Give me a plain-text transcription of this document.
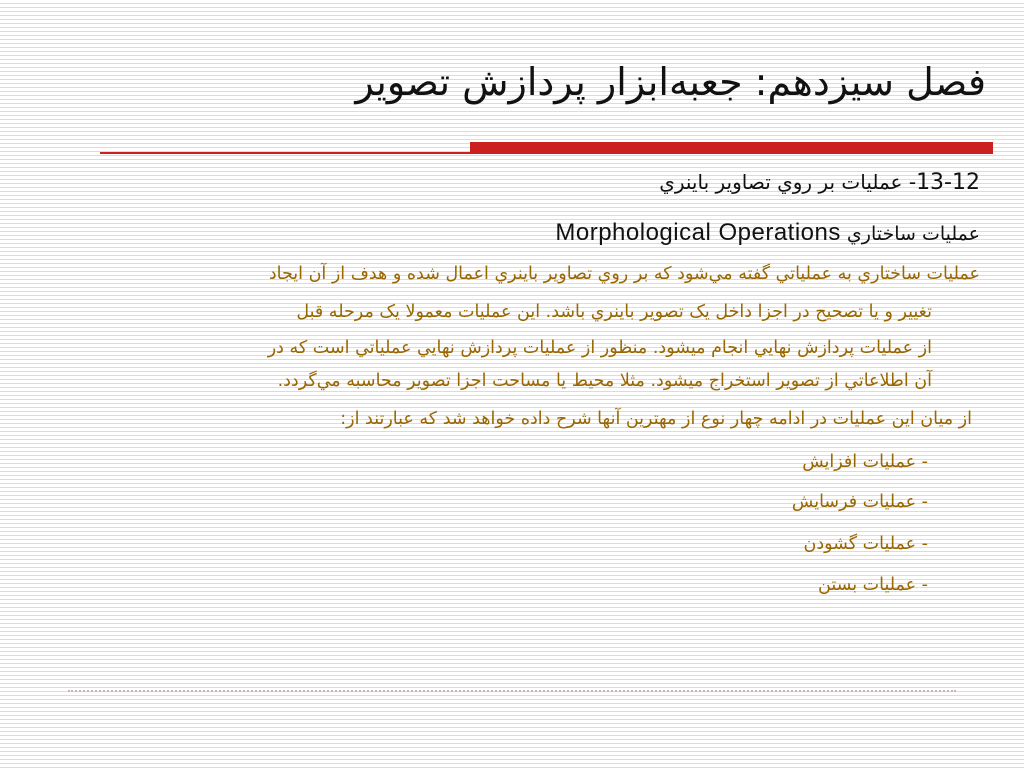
فصل سيزدهم: جعبه‌ابزار پردازش تصوير
13-12- عمليات بر روي تصاوير باينري
عمليات ساختاري Morphological Operations
عمليات ساختاري به عملياتي گفته مي‌شود که بر روي تصاوير باينري اعمال شده و هدف از آن ايجاد
تغيير و يا تصحيح در اجزا داخل يک تصوير باينري باشد. اين عمليات معمولا يک مرحله قبل
از عمليات پردازش نهايي انجام ميشود. منظور از عمليات پردازش نهايي عملياتي است که در
آن اطلاعاتي از تصوير استخراج ميشود. مثلا محيط يا مساحت اجزا تصوير محاسبه مي‌گردد.
از ميان اين عمليات در ادامه چهار نوع از مهترين آنها شرح داده خواهد شد که عبارتند از:
- عمليات افزايش
- عمليات فرسايش
- عمليات گشودن
- عمليات بستن
